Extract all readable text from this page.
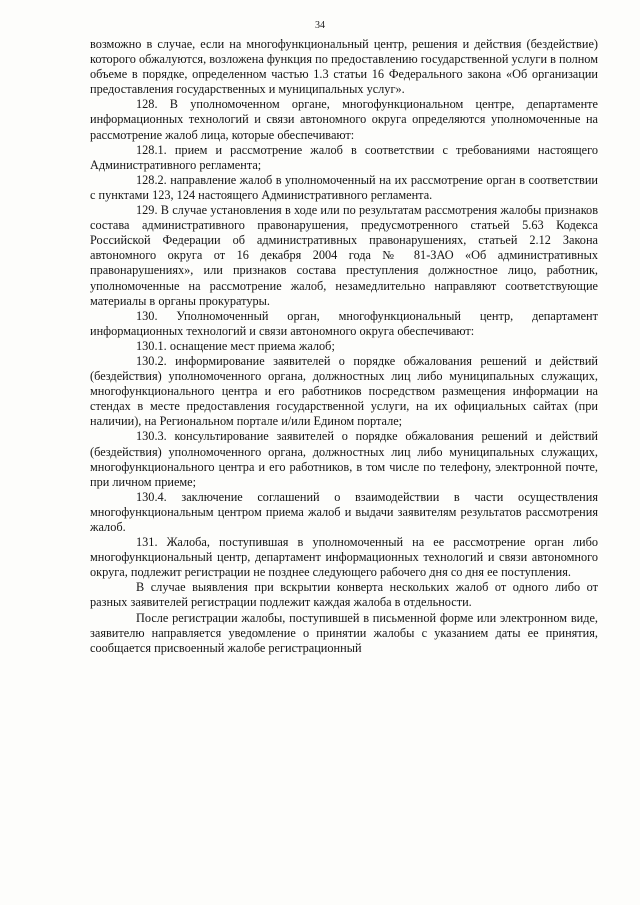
34

возможно в случае, если на многофункциональный центр, решения и действия (бездействие) которого обжалуются, возложена функция по предоставлению государственной услуги в полном объеме в порядке, определенном частью 1.3 статьи 16 Федерального закона «Об организации предоставления государственных и муниципальных услуг».

128. В уполномоченном органе, многофункциональном центре, департаменте информационных технологий и связи автономного округа определяются уполномоченные на рассмотрение жалоб лица, которые обеспечивают:

128.1. прием и рассмотрение жалоб в соответствии с требованиями настоящего Административного регламента;

128.2. направление жалоб в уполномоченный на их рассмотрение орган в соответствии с пунктами 123, 124 настоящего Административного регламента.

129. В случае установления в ходе или по результатам рассмотрения жалобы признаков состава административного правонарушения, предусмотренного статьей 5.63 Кодекса Российской Федерации об административных правонарушениях, статьей 2.12 Закона автономного округа от 16 декабря 2004 года № 81-ЗАО «Об административных правонарушениях», или признаков состава преступления должностное лицо, работник, уполномоченные на рассмотрение жалоб, незамедлительно направляют соответствующие материалы в органы прокуратуры.

130. Уполномоченный орган, многофункциональный центр, департамент информационных технологий и связи автономного округа обеспечивают:

130.1. оснащение мест приема жалоб;

130.2. информирование заявителей о порядке обжалования решений и действий (бездействия) уполномоченного органа, должностных лиц либо муниципальных служащих, многофункционального центра и его работников посредством размещения информации на стендах в месте предоставления государственной услуги, на их официальных сайтах (при наличии), на Региональном портале и/или Едином портале;

130.3. консультирование заявителей о порядке обжалования решений и действий (бездействия) уполномоченного органа, должностных лиц либо муниципальных служащих, многофункционального центра и его работников, в том числе по телефону, электронной почте, при личном приеме;

130.4. заключение соглашений о взаимодействии в части осуществления многофункциональным центром приема жалоб и выдачи заявителям результатов рассмотрения жалоб.

131. Жалоба, поступившая в уполномоченный на ее рассмотрение орган либо многофункциональный центр, департамент информационных технологий и связи автономного округа, подлежит регистрации не позднее следующего рабочего дня со дня ее поступления.

В случае выявления при вскрытии конверта нескольких жалоб от одного либо от разных заявителей регистрации подлежит каждая жалоба в отдельности.

После регистрации жалобы, поступившей в письменной форме или электронном виде, заявителю направляется уведомление о принятии жалобы с указанием даты ее принятия, сообщается присвоенный жалобе регистрационный
